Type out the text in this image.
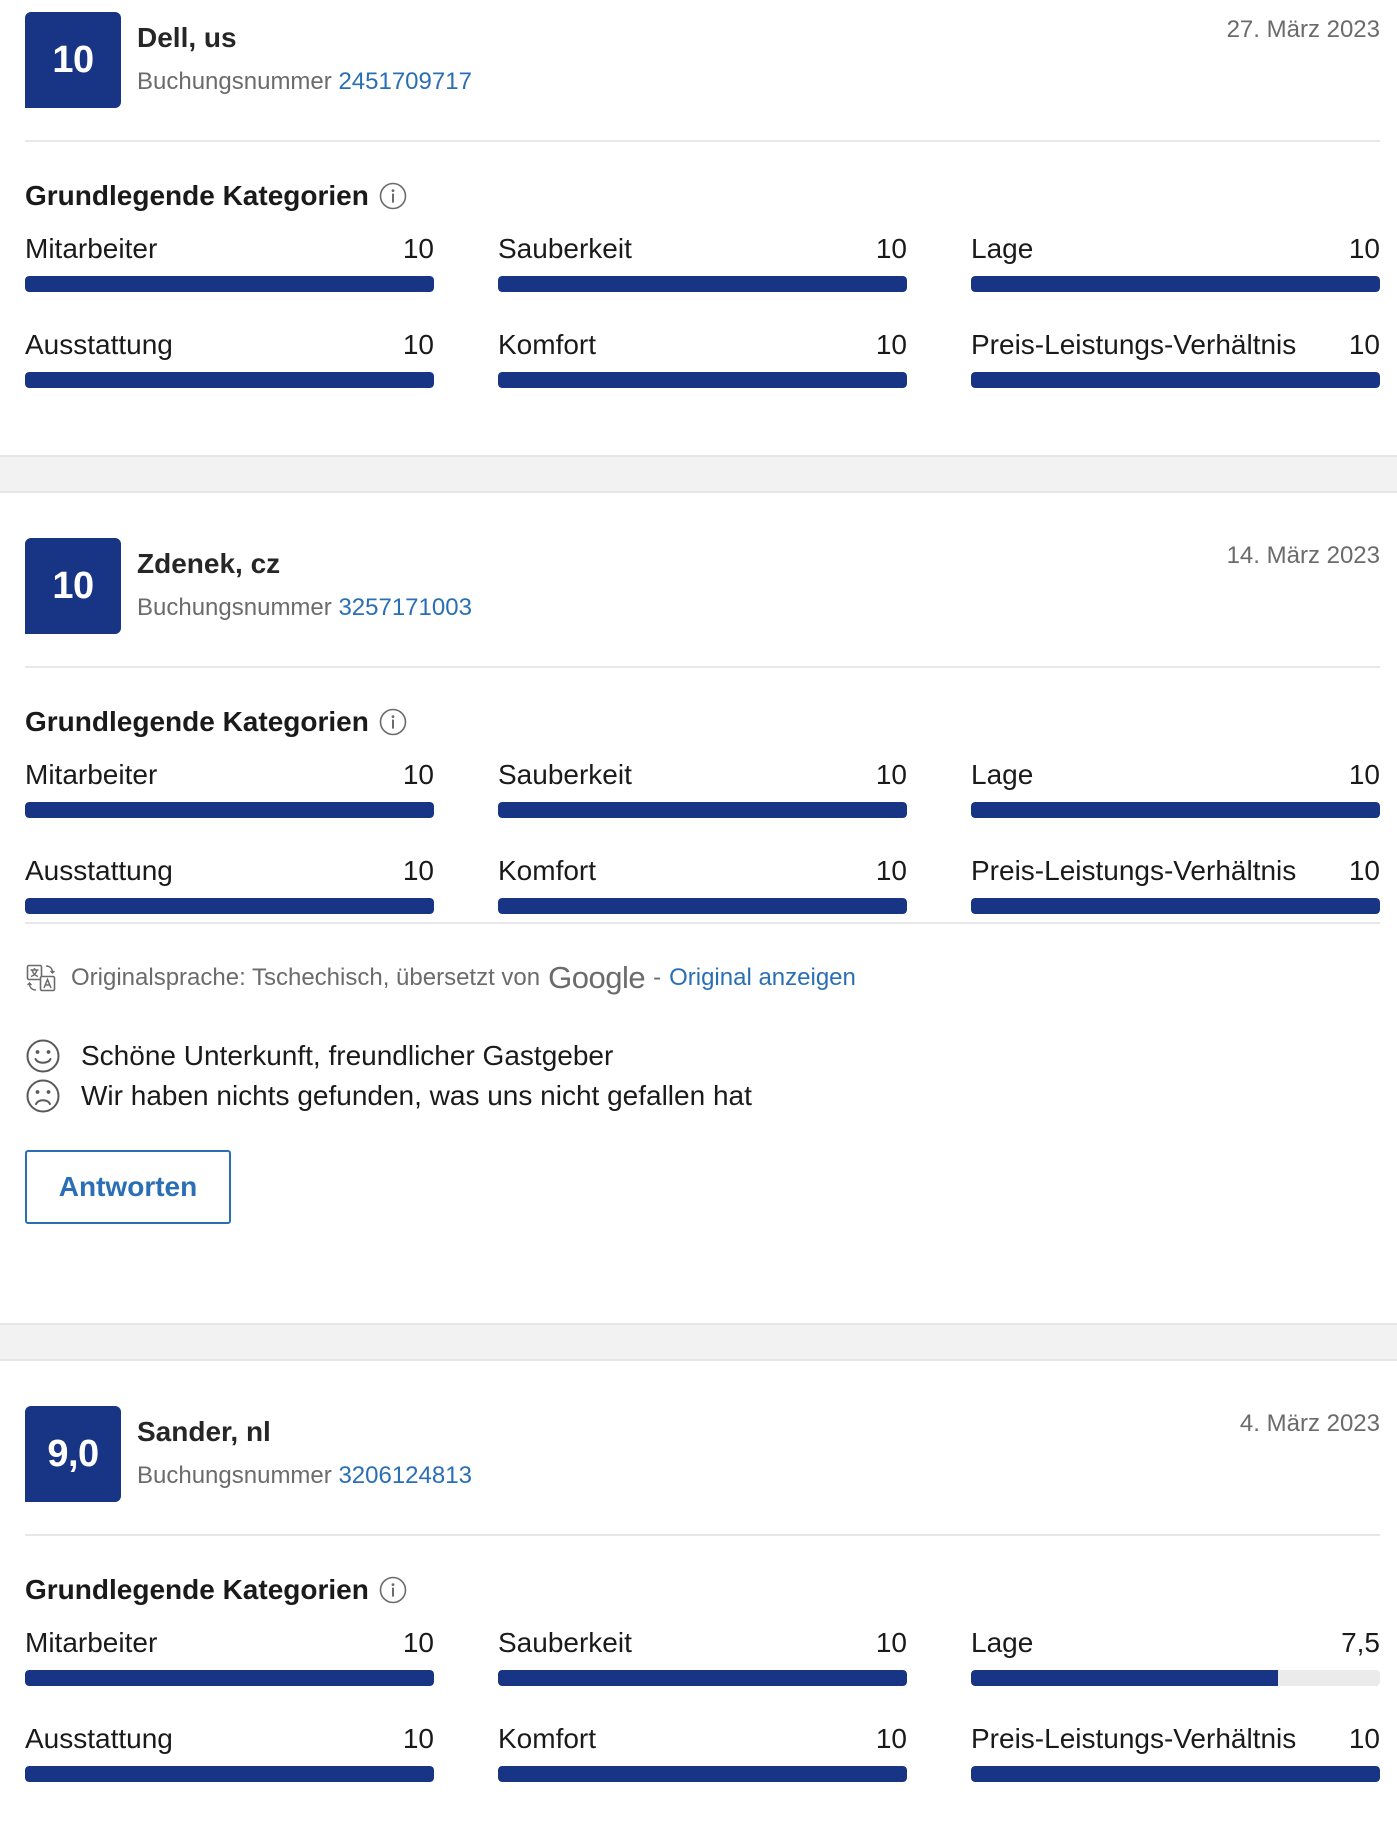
10
Dell, us
Buchungsnummer 2451709717
27. März 2023
Grundlegende Kategorien
Mitarbeiter	10 Sauberkeit	10 Lage	10
Ausstattung	10 Komfort	10 Preis-Leistungs-Verhältnis 10
10
Zdenek, cz
Buchungsnummer 3257171003
14. März 2023
Grundlegende Kategorien
Mitarbeiter	10 Sauberkeit	10 Lage	10
Ausstattung	10 Komfort	10 Preis-Leistungs-Verhältnis 10
Originalsprache: Tschechisch, übersetzt von Google - Original anzeigen
Schöne Unterkunft, freundlicher Gastgeber
Wir haben nichts gefunden, was uns nicht gefallen hat
Antworten
9,0
Sander, nl
Buchungsnummer 3206124813
4. März 2023
Grundlegende Kategorien
Mitarbeiter	10 Sauberkeit	10 Lage	7,5
Ausstattung	10 Komfort	10 Preis-Leistungs-Verhältnis 10
